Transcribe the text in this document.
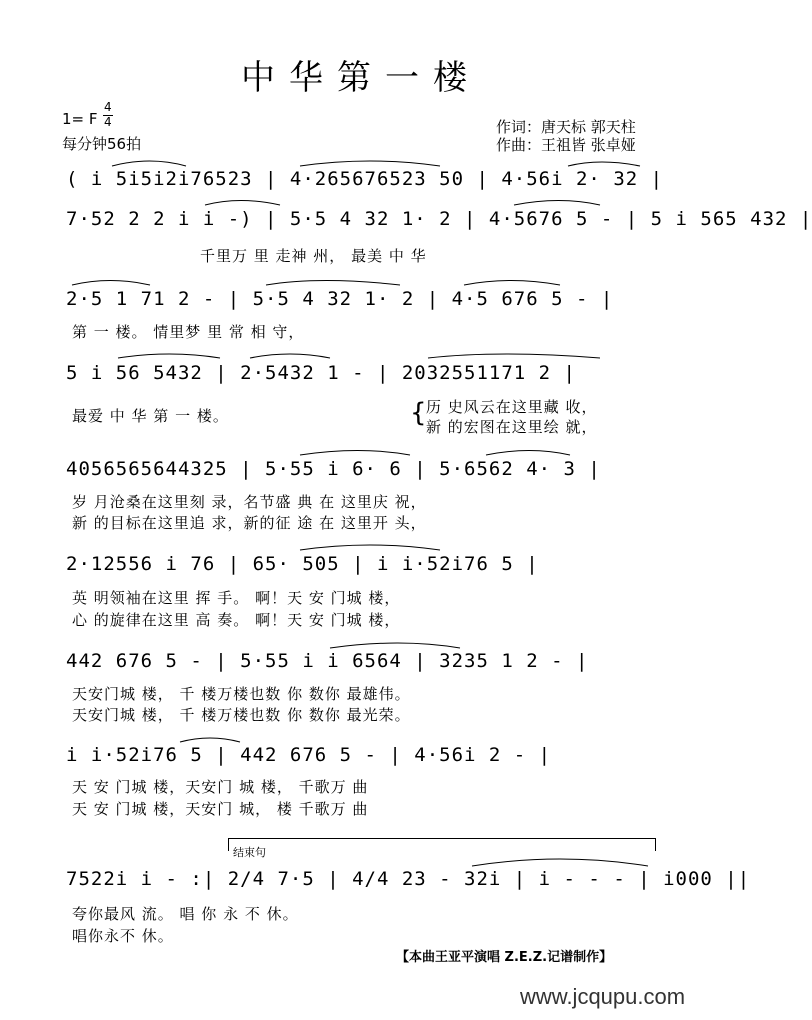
中华第一楼
1= F
4
4
每分钟56拍
作词：唐天标 郭天柱
作曲：王祖皆 张卓娅
( i 5i5i2i76523 | 4·265676523 50 | 4·56i 2· 32 |
7·52 2 2 i i -) | 5·5 4 32 1· 2 | 4·5676 5 - | 5 i 565 432 |
千里万 里 走神 州， 最美 中 华
2·5 1 71 2 - | 5·5 4 32 1· 2 | 4·5 676 5 - |
第 一 楼。 情里梦 里 常 相 守，
5 i 56 5432 | 2·5432 1 - | 2032551171 2 |
最爱 中 华 第 一 楼。	{ 历 史风云在这里藏 收，
新 的宏图在这里绘 就，
4056565644325 | 5·55 i 6· 6 | 5·6562 4· 3 |
岁 月沧桑在这里刻 录，名节盛 典 在 这里庆 祝，
新 的目标在这里追 求，新的征 途 在 这里开 头，
2·12556 i 76 | 65· 505 | i i·52i76 5 |
英 明领袖在这里 挥 手。 啊！天 安 门城 楼，
心 的旋律在这里 高 奏。 啊！天 安 门城 楼，
442 676 5 - | 5·55 i i 6564 | 3235 1 2 - |
天安门城 楼， 千 楼万楼也数 你 数你 最雄伟。
天安门城 楼， 千 楼万楼也数 你 数你 最光荣。
i i·52i76 5 | 442 676 5 - | 4·56i 2 - |
天 安 门城 楼，天安门 城 楼， 千歌万 曲
天 安 门城 楼，天安门 城， 楼 千歌万 曲
结束句
7522i i - :| 2/4 7·5 | 4/4 23 - 32i | i - - - | i000 ||
夸你最风 流。 唱 你 永 不 休。
唱你永不 休。
【本曲王亚平演唱 Z.E.Z.记谱制作】
www.jcqupu.com
